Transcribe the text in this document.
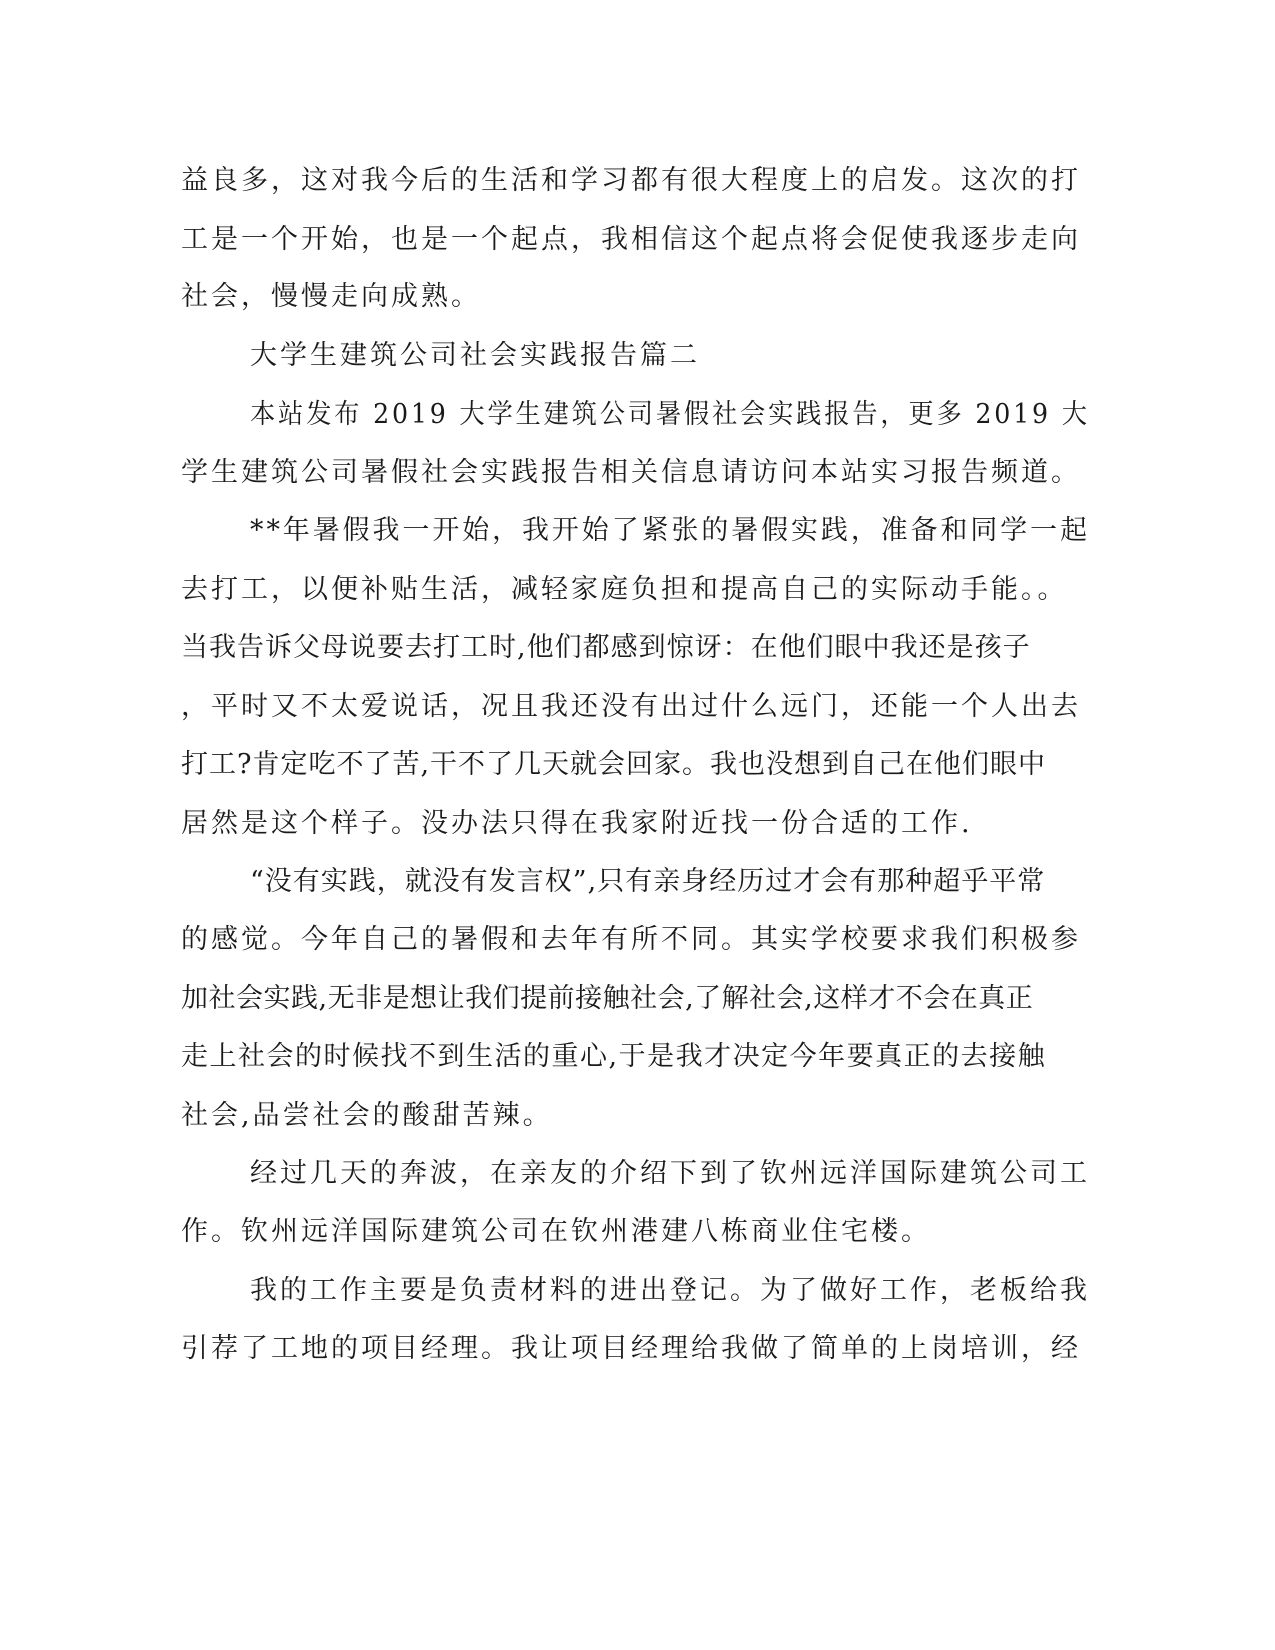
益良多，这对我今后的生活和学习都有很大程度上的启发。这次的打

工是一个开始，也是一个起点，我相信这个起点将会促使我逐步走向

社会，慢慢走向成熟。

大学生建筑公司社会实践报告篇二

本站发布 2019 大学生建筑公司暑假社会实践报告，更多 2019 大

学生建筑公司暑假社会实践报告相关信息请访问本站实习报告频道。

**年暑假我一开始，我开始了紧张的暑假实践，准备和同学一起

去打工，以便补贴生活，减轻家庭负担和提高自己的实际动手能。。

当我告诉父母说要去打工时,他们都感到惊讶：在他们眼中我还是孩子

，平时又不太爱说话，况且我还没有出过什么远门，还能一个人出去

打工?肯定吃不了苦,干不了几天就会回家。我也没想到自己在他们眼中

居然是这个样子。没办法只得在我家附近找一份合适的工作.

“没有实践，就没有发言权”,只有亲身经历过才会有那种超乎平常

的感觉。今年自己的暑假和去年有所不同。其实学校要求我们积极参

加社会实践,无非是想让我们提前接触社会,了解社会,这样才不会在真正

走上社会的时候找不到生活的重心,于是我才决定今年要真正的去接触

社会,品尝社会的酸甜苦辣。

经过几天的奔波，在亲友的介绍下到了钦州远洋国际建筑公司工

作。钦州远洋国际建筑公司在钦州港建八栋商业住宅楼。

我的工作主要是负责材料的进出登记。为了做好工作，老板给我

引荐了工地的项目经理。我让项目经理给我做了简单的上岗培训，经
